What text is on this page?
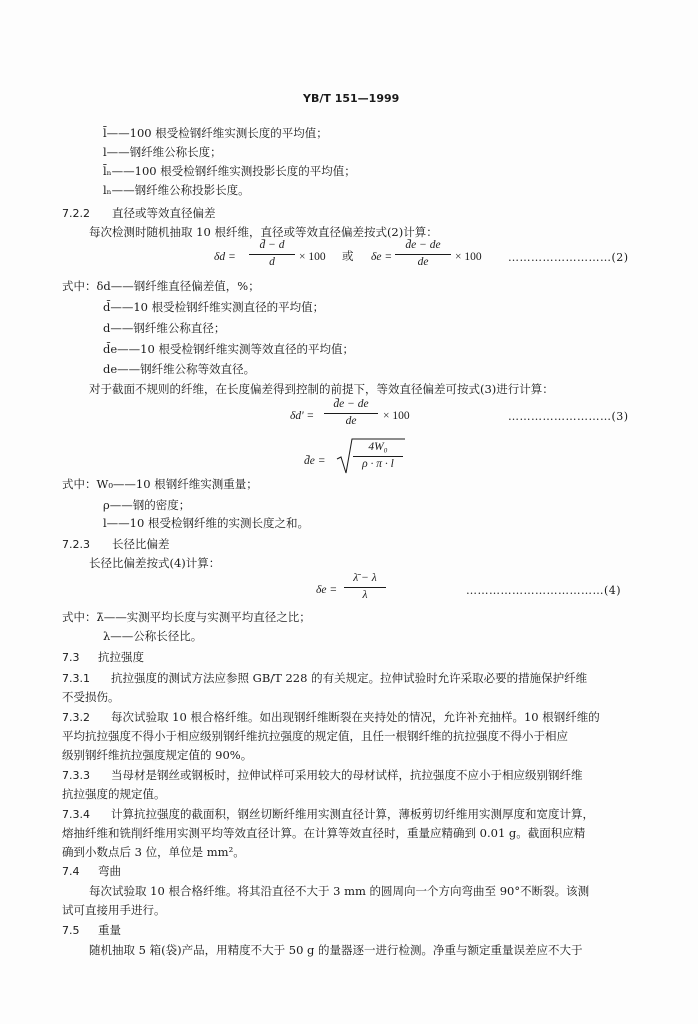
YB/T 151—1999
l̄——100 根受检钢纤维实测长度的平均值；
l——钢纤维公称长度；
l̄ₙ——100 根受检钢纤维实测投影长度的平均值；
lₙ——钢纤维公称投影长度。
7.2.2 直径或等效直径偏差
每次检测时随机抽取 10 根纤维，直径或等效直径偏差按式(2)计算：
$\delta d = \frac{d̄ - d}{d} \times 100$ 或 $\delta e = \frac{d̄e - de}{de} \times 100$ ………………………(2)
式中：δd——钢纤维直径偏差值，%；
d̄——10 根受检钢纤维实测直径的平均值；
d——钢纤维公称直径；
d̄e——10 根受检钢纤维实测等效直径的平均值；
de——钢纤维公称等效直径。
对于截面不规则的纤维，在长度偏差得到控制的前提下，等效直径偏差可按式(3)进行计算：
$\delta d' = \frac{d̄e - de}{de} \times 100$	………………………(3)
d̄e = $\frac{\text{4W₀}}{\rho \cdot \pi \cdot l}$
式中：W₀——10 根钢纤维实测重量；
ρ——钢的密度；
l——10 根受检钢纤维的实测长度之和。
7.2.3 长径比偏差
长径比偏差按式(4)计算：
$\delta e = \frac{\lambdā - \lambda}{\lambda}$	………………………………(4)
式中：λ̄——实测平均长度与实测平均直径之比；
λ——公称长径比。
7.3 抗拉强度
7.3.1 抗拉强度的测试方法应参照 GB/T 228 的有关规定。拉伸试验时允许采取必要的措施保护纤维
不受损伤。
7.3.2 每次试验取 10 根合格纤维。如出现钢纤维断裂在夹持处的情况，允许补充抽样。10 根钢纤维的
平均抗拉强度不得小于相应级别钢纤维抗拉强度的规定值，且任一根钢纤维的抗拉强度不得小于相应
级别钢纤维抗拉强度规定值的 90%。
7.3.3 当母材是钢丝或钢板时，拉伸试样可采用较大的母材试样，抗拉强度不应小于相应级别钢纤维
抗拉强度的规定值。
7.3.4 计算抗拉强度的截面积，钢丝切断纤维用实测直径计算，薄板剪切纤维用实测厚度和宽度计算，
熔抽纤维和铣削纤维用实测平均等效直径计算。在计算等效直径时，重量应精确到 0.01 g。截面积应精
确到小数点后 3 位，单位是 mm²。
7.4 弯曲
每次试验取 10 根合格纤维。将其沿直径不大于 3 mm 的圆周向一个方向弯曲至 90°不断裂。该测
试可直接用手进行。
7.5 重量
随机抽取 5 箱(袋)产品，用精度不大于 50 g 的量器逐一进行检测。净重与额定重量误差应不大于
